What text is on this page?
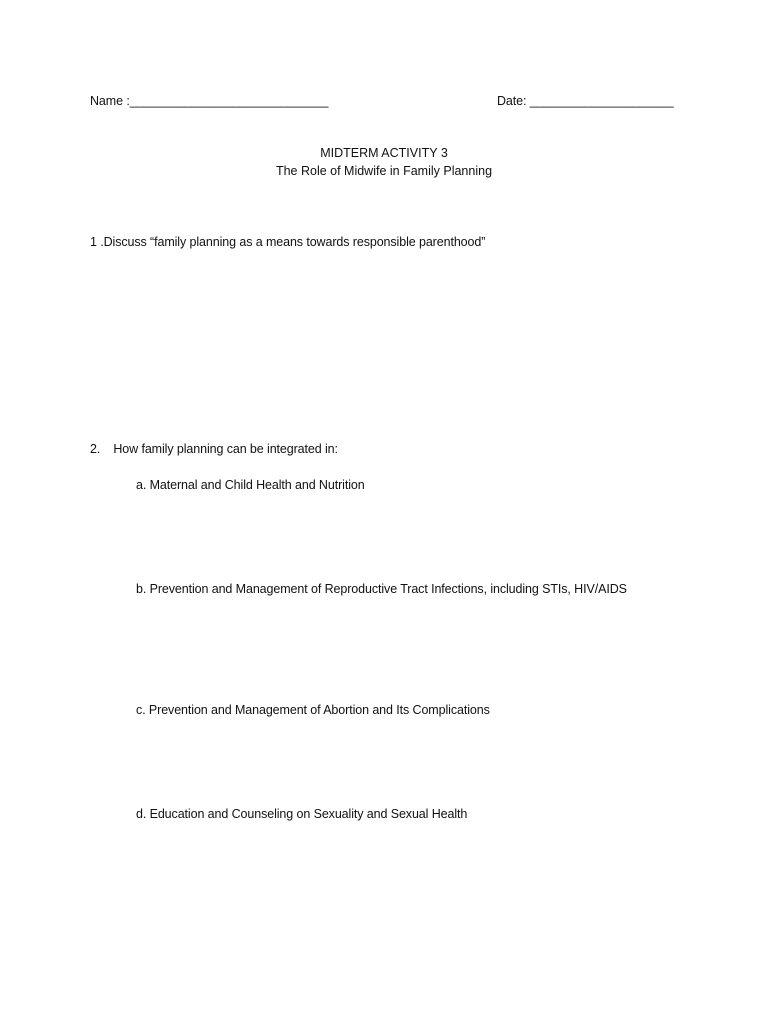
Name :_____________________________	Date: _____________________
MIDTERM ACTIVITY 3
The Role of Midwife in Family Planning
1 .Discuss “family planning as a means towards responsible parenthood”
2. How family planning can be integrated in:
a. Maternal and Child Health and Nutrition
b. Prevention and Management of Reproductive Tract Infections, including STIs, HIV/AIDS
c. Prevention and Management of Abortion and Its Complications
d. Education and Counseling on Sexuality and Sexual Health
